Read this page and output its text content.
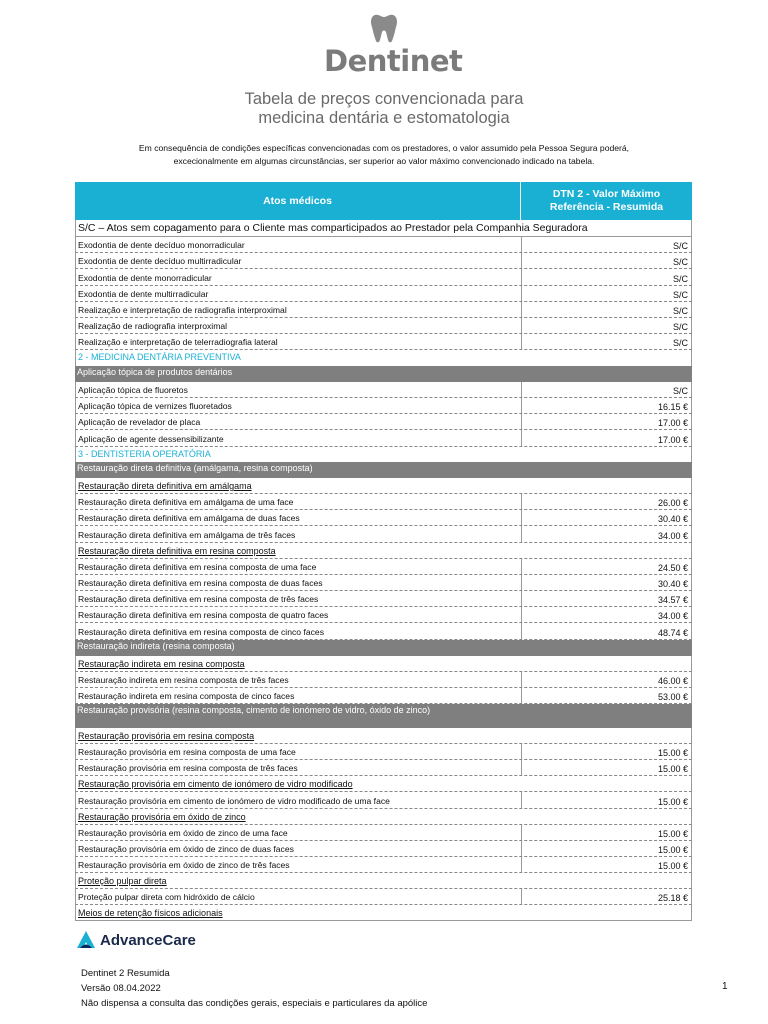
Dentinet
Tabela de preços convencionada para
medicina dentária e estomatologia
Em consequência de condições específicas convencionadas com os prestadores, o valor assumido pela Pessoa Segura poderá,
excecionalmente em algumas circunstâncias, ser superior ao valor máximo convencionado indicado na tabela.
Atos médicos
DTN 2 - Valor Máximo
Referência - Resumida
S/C – Atos sem copagamento para o Cliente mas comparticipados ao Prestador pela Companhia Seguradora
Exodontia de dente decíduo monorradicular	S/C
Exodontia de dente decíduo multirradicular	S/C
Exodontia de dente monorradicular	S/C
Exodontia de dente multirradicular	S/C
Realização e interpretação de radiografia interproximal	S/C
Realização de radiografia interproximal	S/C
Realização e interpretação de telerradiografia lateral	S/C
2 - MEDICINA DENTÁRIA PREVENTIVA
Aplicação tópica de produtos dentários
Aplicação tópica de fluoretos	S/C
Aplicação tópica de vernizes fluoretados	16.15 €
Aplicação de revelador de placa	17.00 €
Aplicação de agente dessensibilizante	17.00 €
3 - DENTISTERIA OPERATÓRIA
Restauração direta definitiva (amálgama, resina composta)
Restauração direta definitiva em amálgama
Restauração direta definitiva em amálgama de uma face	26.00 €
Restauração direta definitiva em amálgama de duas faces	30.40 €
Restauração direta definitiva em amálgama de três faces	34.00 €
Restauração direta definitiva em resina composta
Restauração direta definitiva em resina composta de uma face	24.50 €
Restauração direta definitiva em resina composta de duas faces	30.40 €
Restauração direta definitiva em resina composta de três faces	34.57 €
Restauração direta definitiva em resina composta de quatro faces	34.00 €
Restauração direta definitiva em resina composta de cinco faces	48.74 €
Restauração indireta (resina composta)
Restauração indireta em resina composta
Restauração indireta em resina composta de três faces	46.00 €
Restauração indireta em resina composta de cinco faces	53.00 €
Restauração provisória (resina composta, cimento de ionómero de vidro, óxido de zinco)
Restauração provisória em resina composta
Restauração provisória em resina composta de uma face	15.00 €
Restauração provisória em resina composta de três faces	15.00 €
Restauração provisória em cimento de ionómero de vidro modificado
Restauração provisória em cimento de ionómero de vidro modificado de uma face	15.00 €
Restauração provisória em óxido de zinco
Restauração provisória em óxido de zinco de uma face	15.00 €
Restauração provisória em óxido de zinco de duas faces	15.00 €
Restauração provisória em óxido de zinco de três faces	15.00 €
Proteção pulpar direta
Proteção pulpar direta com hidróxido de cálcio	25.18 €
Meios de retenção físicos adicionais
AdvanceCare
Dentinet 2 Resumida
Versão 08.04.2022
Não dispensa a consulta das condições gerais, especiais e particulares da apólice
1
